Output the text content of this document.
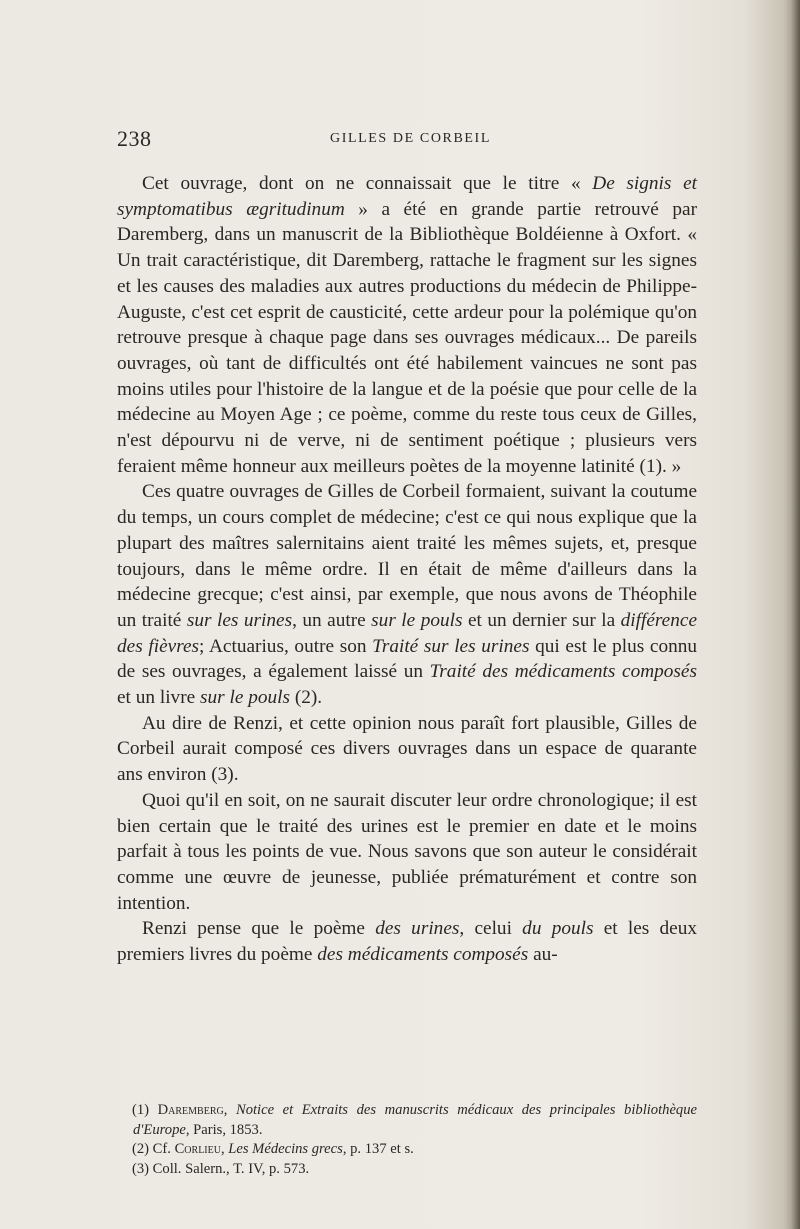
238	GILLES DE CORBEIL

Cet ouvrage, dont on ne connaissait que le titre « De signis et symptomatibus ægritudinum » a été en grande partie retrouvé par Daremberg, dans un manuscrit de la Bibliothèque Boldéienne à Oxfort. « Un trait caractéristique, dit Daremberg, rattache le fragment sur les signes et les causes des maladies aux autres productions du médecin de Philippe-Auguste, c'est cet esprit de causticité, cette ardeur pour la polémique qu'on retrouve presque à chaque page dans ses ouvrages médicaux... De pareils ouvrages, où tant de difficultés ont été habilement vaincues ne sont pas moins utiles pour l'histoire de la langue et de la poésie que pour celle de la médecine au Moyen Age ; ce poème, comme du reste tous ceux de Gilles, n'est dépourvu ni de verve, ni de sentiment poétique ; plusieurs vers feraient même honneur aux meilleurs poètes de la moyenne latinité (1). »

Ces quatre ouvrages de Gilles de Corbeil formaient, suivant la coutume du temps, un cours complet de médecine; c'est ce qui nous explique que la plupart des maîtres salernitains aient traité les mêmes sujets, et, presque toujours, dans le même ordre. Il en était de même d'ailleurs dans la médecine grecque; c'est ainsi, par exemple, que nous avons de Théophile un traité sur les urines, un autre sur le pouls et un dernier sur la différence des fièvres; Actuarius, outre son Traité sur les urines qui est le plus connu de ses ouvrages, a également laissé un Traité des médicaments composés et un livre sur le pouls (2).

Au dire de Renzi, et cette opinion nous paraît fort plausible, Gilles de Corbeil aurait composé ces divers ouvrages dans un espace de quarante ans environ (3).

Quoi qu'il en soit, on ne saurait discuter leur ordre chronologique; il est bien certain que le traité des urines est le premier en date et le moins parfait à tous les points de vue. Nous savons que son auteur le considérait comme une œuvre de jeunesse, publiée prématurément et contre son intention.

Renzi pense que le poème des urines, celui du pouls et les deux premiers livres du poème des médicaments composés au-

(1) Daremberg, Notice et Extraits des manuscrits médicaux des principales bibliothèque d'Europe, Paris, 1853.

(2) Cf. Corlieu, Les Médecins grecs, p. 137 et s.

(3) Coll. Salern., T. IV, p. 573.
